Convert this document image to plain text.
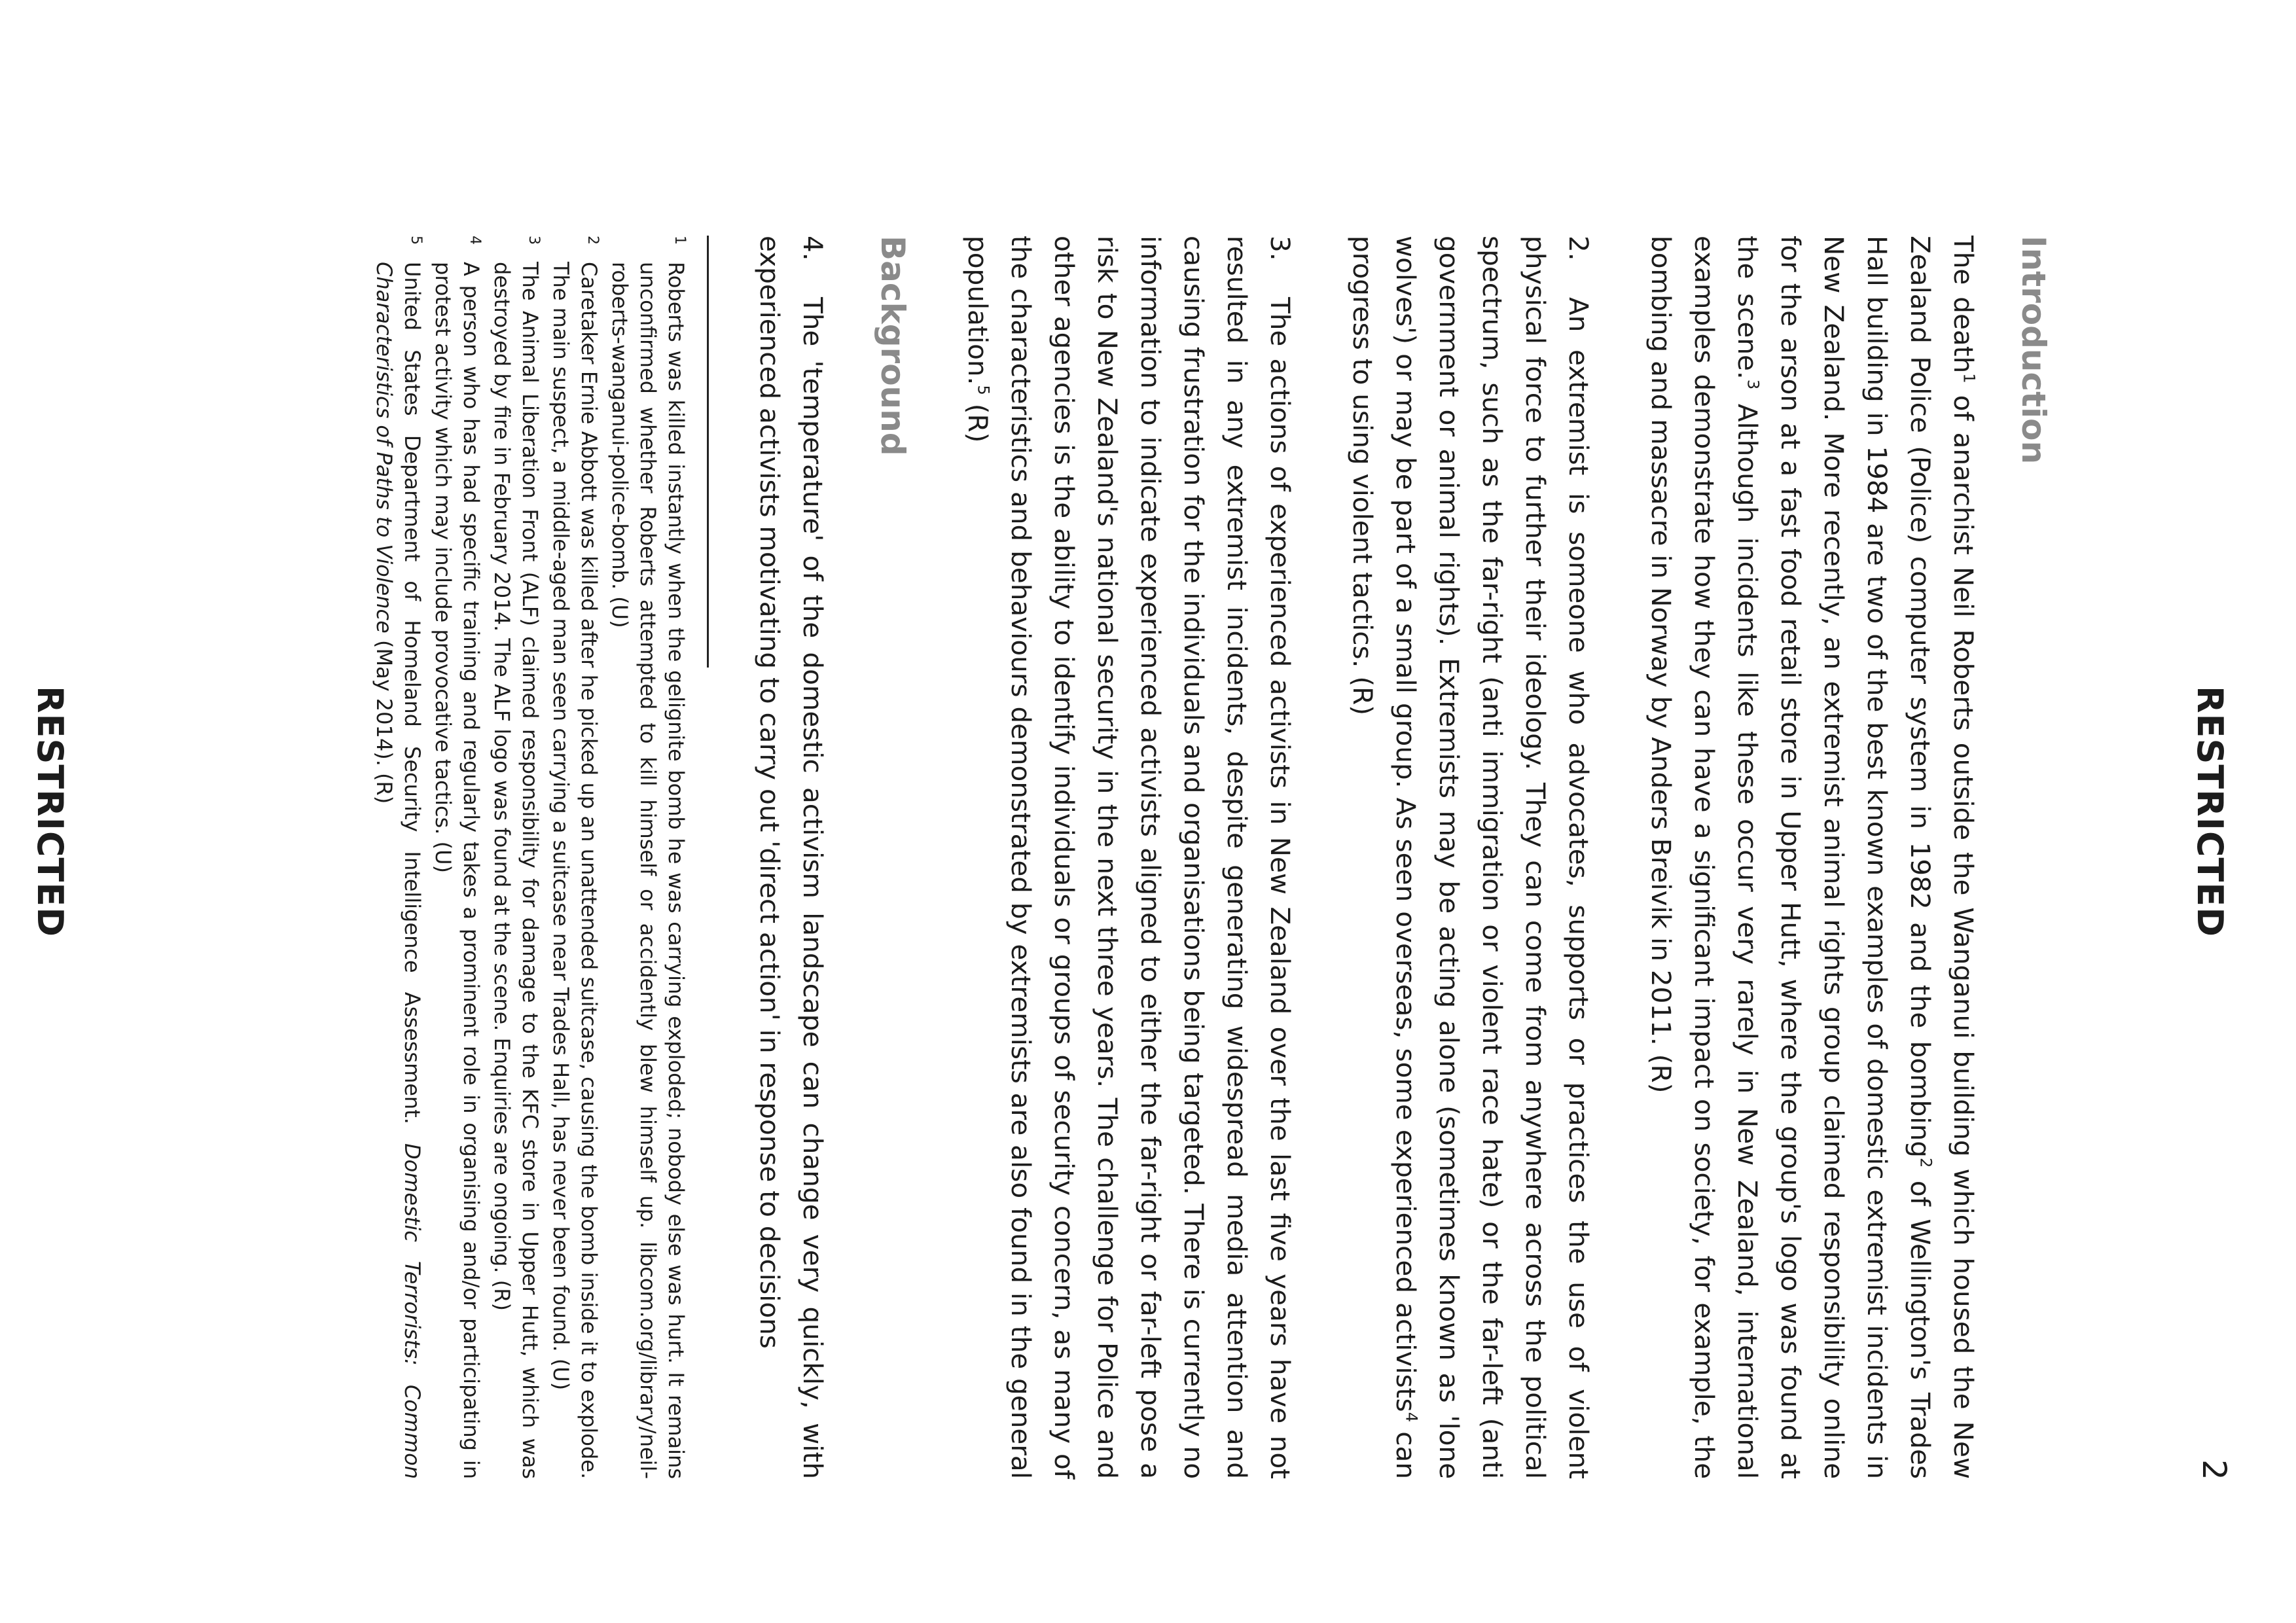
RESTRICTED
2
Introduction

The death$^1$ of anarchist Neil Roberts outside the Wanganui building which housed the New Zealand Police (Police) computer system in 1982 and the bombing$^2$ of Wellington's Trades Hall building in 1984 are two of the best known examples of domestic extremist incidents in New Zealand. More recently, an extremist animal rights group claimed responsibility online for the arson at a fast food retail store in Upper Hutt, where the group's logo was found at the scene.$^3$ Although incidents like these occur very rarely in New Zealand, international examples demonstrate how they can have a significant impact on society, for example, the bombing and massacre in Norway by Anders Breivik in 2011. (R)

2.An extremist is someone who advocates, supports or practices the use of violent physical force to further their ideology. They can come from anywhere across the political spectrum, such as the far-right (anti immigration or violent race hate) or the far-left (anti government or animal rights). Extremists may be acting alone (sometimes known as 'lone wolves') or may be part of a small group. As seen overseas, some experienced activists$^4$ can progress to using violent tactics. (R)

3.The actions of experienced activists in New Zealand over the last five years have not resulted in any extremist incidents, despite generating widespread media attention and causing frustration for the individuals and organisations being targeted. There is currently no information to indicate experienced activists aligned to either the far-right or far-left pose a risk to New Zealand's national security in the next three years. The challenge for Police and other agencies is the ability to identify individuals or groups of security concern, as many of the characteristics and behaviours demonstrated by extremists are also found in the general population.$^5$ (R)

Background

4.The 'temperature' of the domestic activism landscape can change very quickly, with experienced activists motivating to carry out 'direct action' in response to decisions

1
Roberts was killed instantly when the gelignite bomb he was carrying exploded; nobody else was hurt. It remains unconfirmed whether Roberts attempted to kill himself or accidently blew himself up. libcom.org/library/neil-roberts-wanganui-police-bomb. (U)

2
Caretaker Ernie Abbott was killed after he picked up an unattended suitcase, causing the bomb inside it to explode. The main suspect, a middle-aged man seen carrying a suitcase near Trades Hall, has never been found. (U)

3
The Animal Liberation Front (ALF) claimed responsibility for damage to the KFC store in Upper Hutt, which was destroyed by fire in February 2014. The ALF logo was found at the scene. Enquiries are ongoing. (R)

4
A person who has had specific training and regularly takes a prominent role in organising and/or participating in protest activity which may include provocative tactics. (U)

5
United States Department of Homeland Security Intelligence Assessment. Domestic Terrorists: Common Characteristics of Paths to Violence (May 2014). (R)

RESTRICTED
